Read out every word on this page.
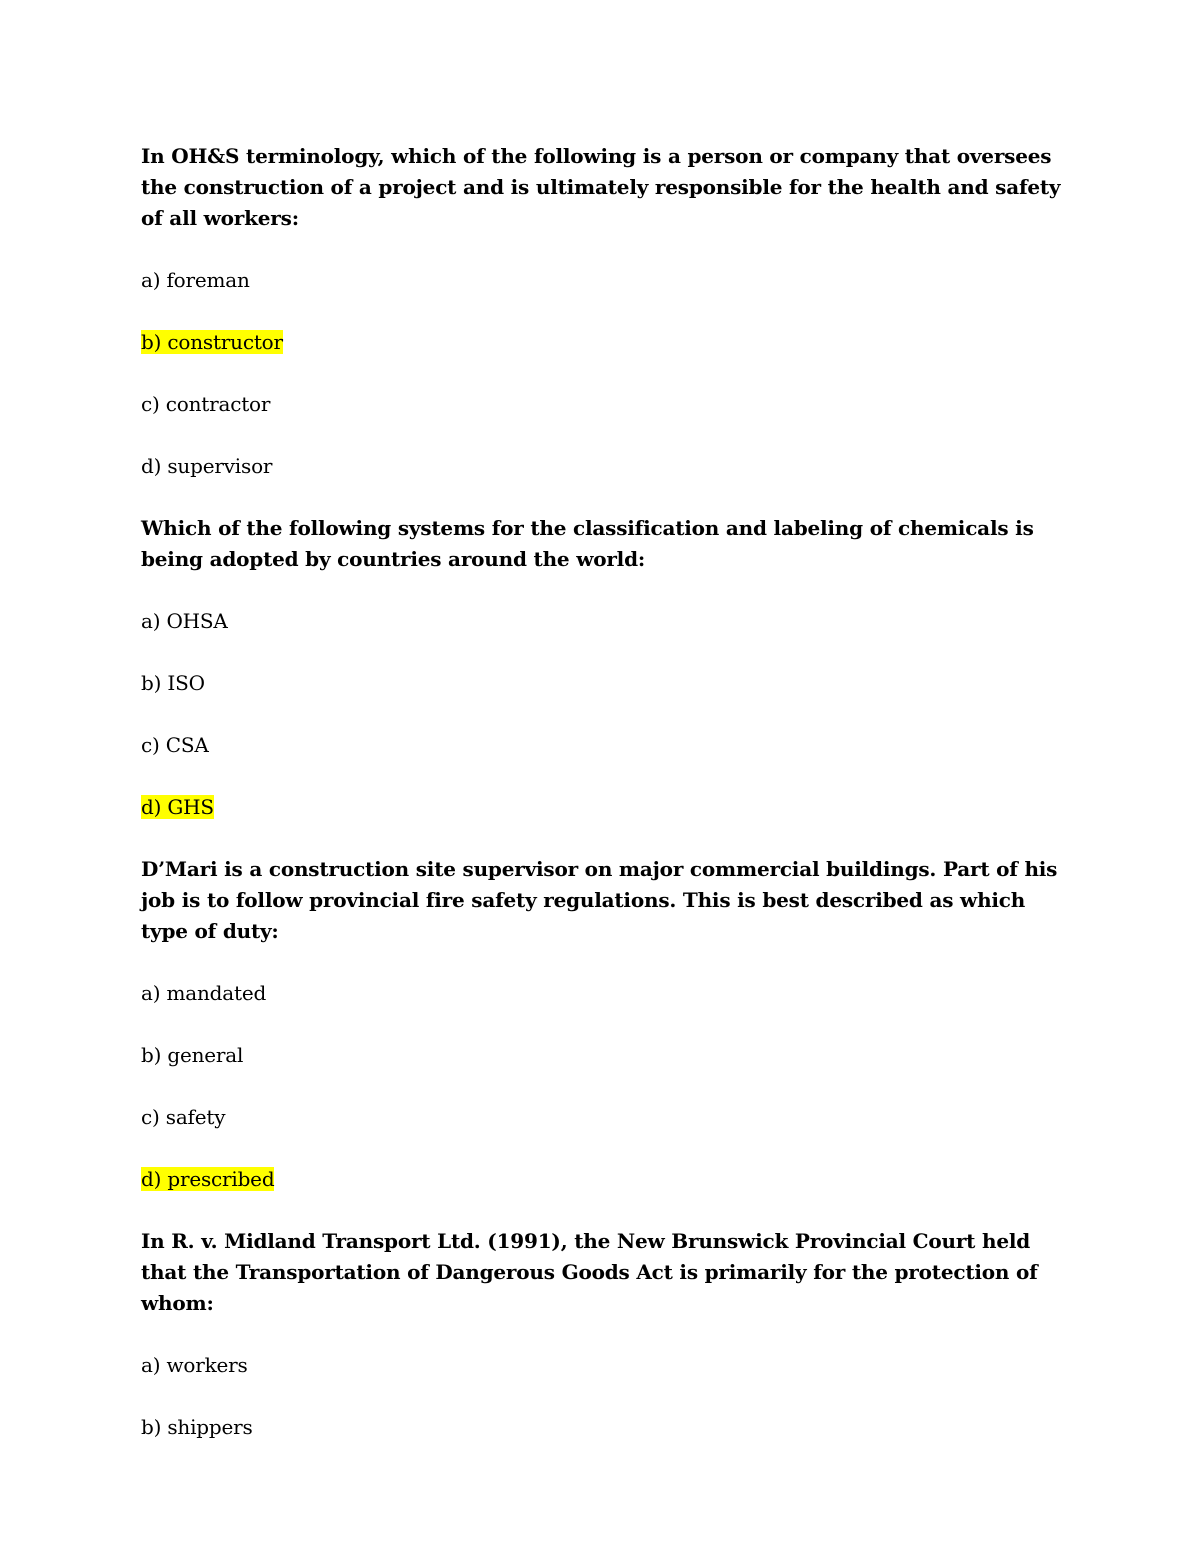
In OH&S terminology, which of the following is a person or company that oversees the construction of a project and is ultimately responsible for the health and safety of all workers:

a) foreman

b) constructor

c) contractor

d) supervisor

Which of the following systems for the classification and labeling of chemicals is being adopted by countries around the world:

a) OHSA

b) ISO

c) CSA

d) GHS

D’Mari is a construction site supervisor on major commercial buildings. Part of his job is to follow provincial fire safety regulations. This is best described as which type of duty:

a) mandated

b) general

c) safety

d) prescribed

In R. v. Midland Transport Ltd. (1991), the New Brunswick Provincial Court held that the Transportation of Dangerous Goods Act is primarily for the protection of whom:

a) workers

b) shippers
